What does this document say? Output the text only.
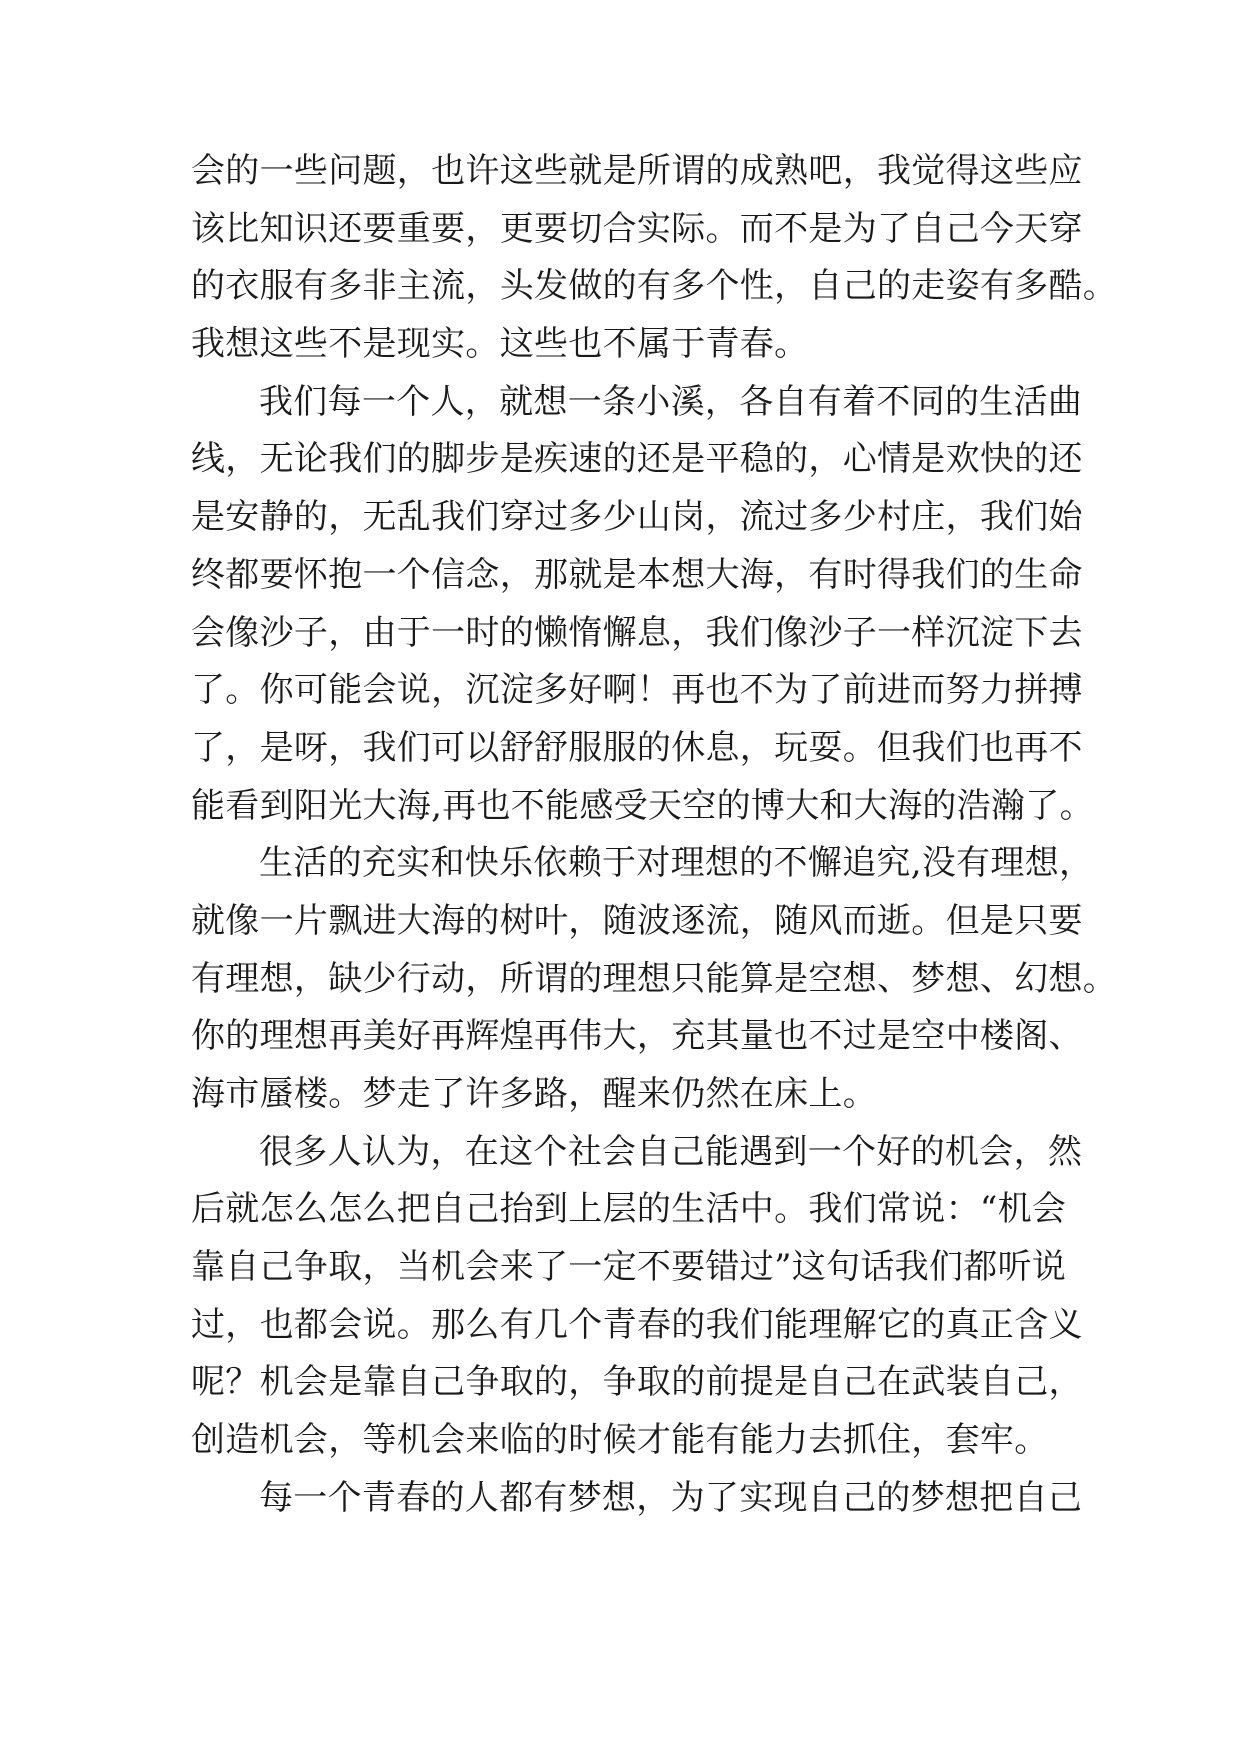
会的一些问题，也许这些就是所谓的成熟吧，我觉得这些应
该比知识还要重要，更要切合实际。而不是为了自己今天穿
的衣服有多非主流，头发做的有多个性，自己的走姿有多酷。
我想这些不是现实。这些也不属于青春。
我们每一个人，就想一条小溪，各自有着不同的生活曲
线，无论我们的脚步是疾速的还是平稳的，心情是欢快的还
是安静的，无乱我们穿过多少山岗，流过多少村庄，我们始
终都要怀抱一个信念，那就是本想大海，有时得我们的生命
会像沙子，由于一时的懒惰懈息，我们像沙子一样沉淀下去
了。你可能会说，沉淀多好啊！再也不为了前进而努力拼搏
了，是呀，我们可以舒舒服服的休息，玩耍。但我们也再不
能看到阳光大海,再也不能感受天空的博大和大海的浩瀚了。
生活的充实和快乐依赖于对理想的不懈追究,没有理想，
就像一片飘进大海的树叶，随波逐流，随风而逝。但是只要
有理想，缺少行动，所谓的理想只能算是空想、梦想、幻想。
你的理想再美好再辉煌再伟大，充其量也不过是空中楼阁、
海市蜃楼。梦走了许多路，醒来仍然在床上。
很多人认为，在这个社会自己能遇到一个好的机会，然
后就怎么怎么把自己抬到上层的生活中。我们常说：“机会
靠自己争取，当机会来了一定不要错过”这句话我们都听说
过，也都会说。那么有几个青春的我们能理解它的真正含义
呢？机会是靠自己争取的，争取的前提是自己在武装自己，
创造机会，等机会来临的时候才能有能力去抓住，套牢。
每一个青春的人都有梦想，为了实现自己的梦想把自己
